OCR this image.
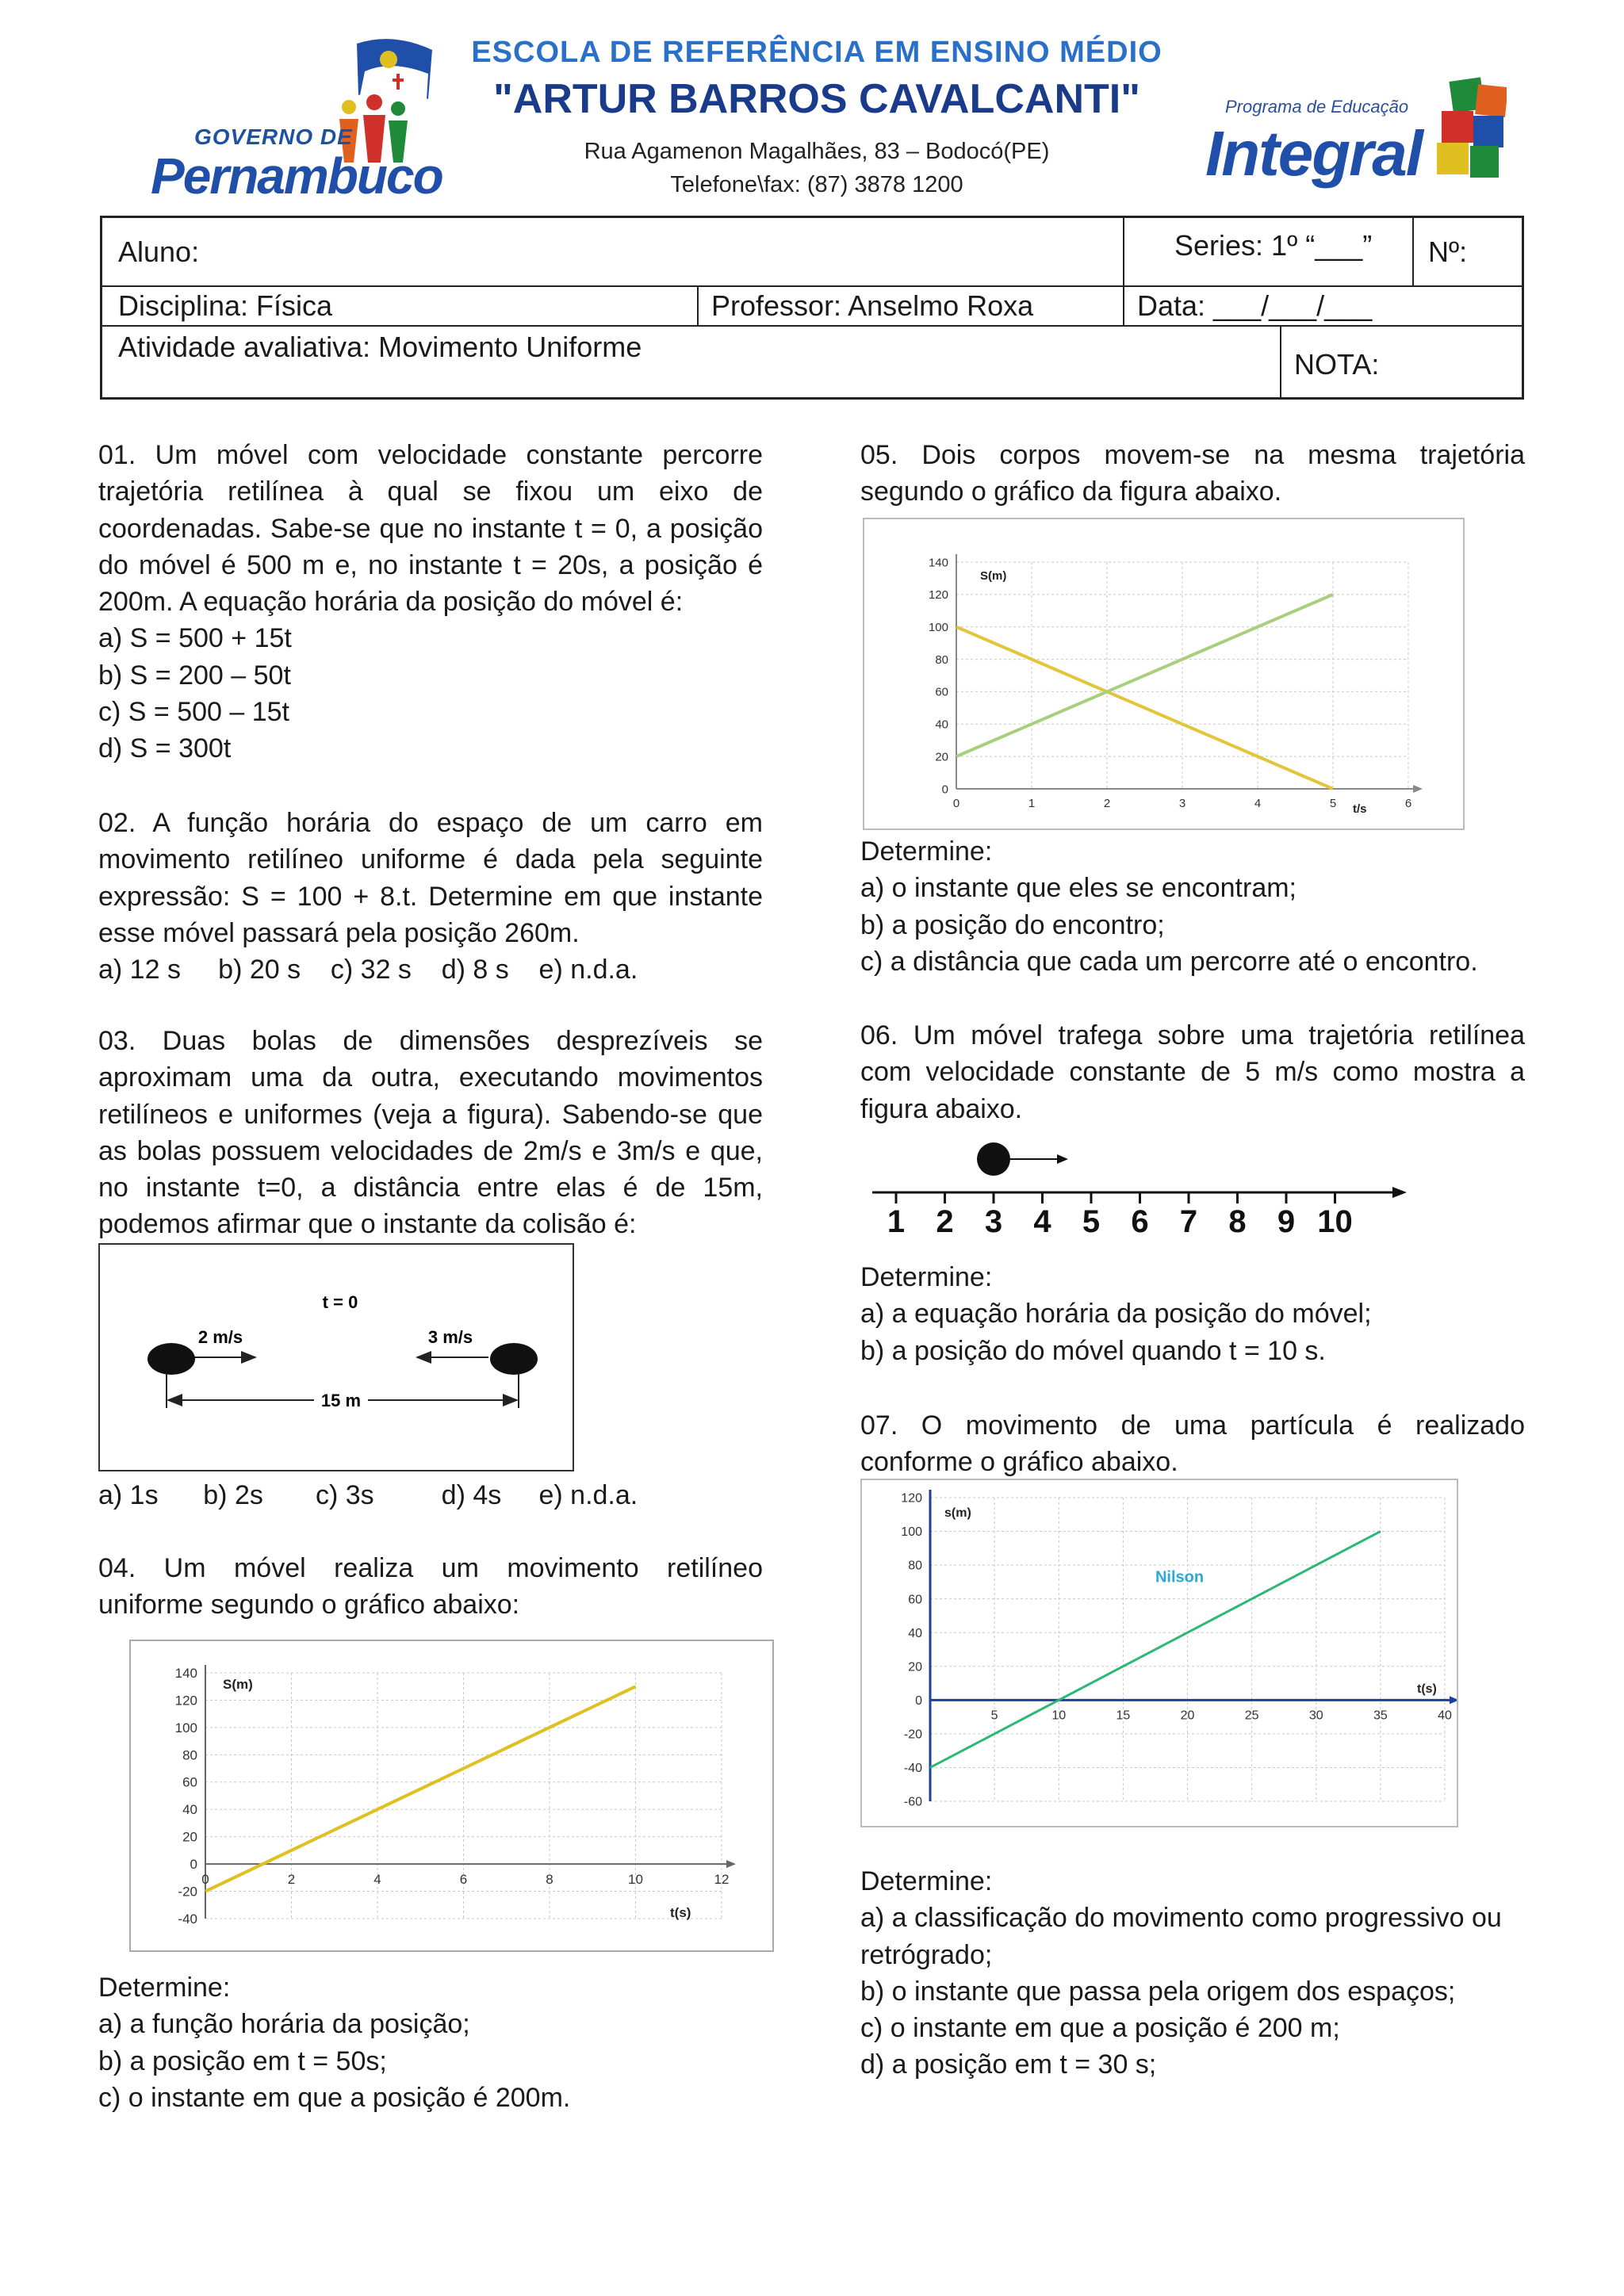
GOVERNO DE
Pernambuco
ESCOLA DE REFERÊNCIA EM ENSINO MÉDIO
"ARTUR BARROS CAVALCANTI"
Rua Agamenon Magalhães, 83 – Bodocó(PE)
Telefone\fax: (87) 3878 1200
Programa de Educação
Integral
Aluno:	Series: 1º “___” Nº:
Disciplina: Física	Professor: Anselmo Roxa	Data: ___/___/___
Atividade avaliativa: Movimento Uniforme
NOTA:
01. Um móvel com velocidade constante percorre
trajetória retilínea à qual se fixou um eixo de
coordenadas. Sabe-se que no instante t = 0, a posição
do móvel é 500 m e, no instante t = 20s, a posição é
200m. A equação horária da posição do móvel é:
a) S = 500 + 15t
b) S = 200 – 50t
c) S = 500 – 15t
d) S = 300t
02. A função horária do espaço de um carro em
movimento retilíneo uniforme é dada pela seguinte
expressão: S = 100 + 8.t. Determine em que instante
esse móvel passará pela posição 260m.
a) 12 s     b) 20 s    c) 32 s    d) 8 s    e) n.d.a.
03. Duas bolas de dimensões desprezíveis se
aproximam uma da outra, executando movimentos
retilíneos e uniformes (veja a figura). Sabendo-se que
as bolas possuem velocidades de 2m/s e 3m/s e que,
no instante t=0, a distância entre elas é de 15m,
podemos afirmar que o instante da colisão é:
t = 0
2 m/s	3 m/s
15 m
a) 1s      b) 2s       c) 3s         d) 4s     e) n.d.a.
04. Um móvel realiza um movimento retilíneo
uniforme segundo o gráfico abaixo:
140
120
100
80
60
40
20
0
-20
-40
0	2	4	6	8	10	12
S(m)
t(s)
Determine:
a) a função horária da posição;
b) a posição em t = 50s;
c) o instante em que a posição é 200m.
05. Dois corpos movem-se na mesma trajetória
segundo o gráfico da figura abaixo.
140
120
100
80
60
40
20
0
0	1	2	3	4	5	6
S(m)
t/s
Determine:
a) o instante que eles se encontram;
b) a posição do encontro;
c) a distância que cada um percorre até o encontro.
06. Um móvel trafega sobre uma trajetória retilínea
com velocidade constante de 5 m/s como mostra a
figura abaixo.
1 2 3 4 5 6 7 8 9 10
Determine:
a) a equação horária da posição do móvel;
b) a posição do móvel quando t = 10 s.
07. O movimento de uma partícula é realizado
conforme o gráfico abaixo.
120
100
80
60
40
20
0
-20
-40
-60
5	10	15	20	25	30	35	40
s(m)
t(s)
Nilson
Determine:
a) a classificação do movimento como progressivo ou
retrógrado;
b) o instante que passa pela origem dos espaços;
c) o instante em que a posição é 200 m;
d) a posição em t = 30 s;
